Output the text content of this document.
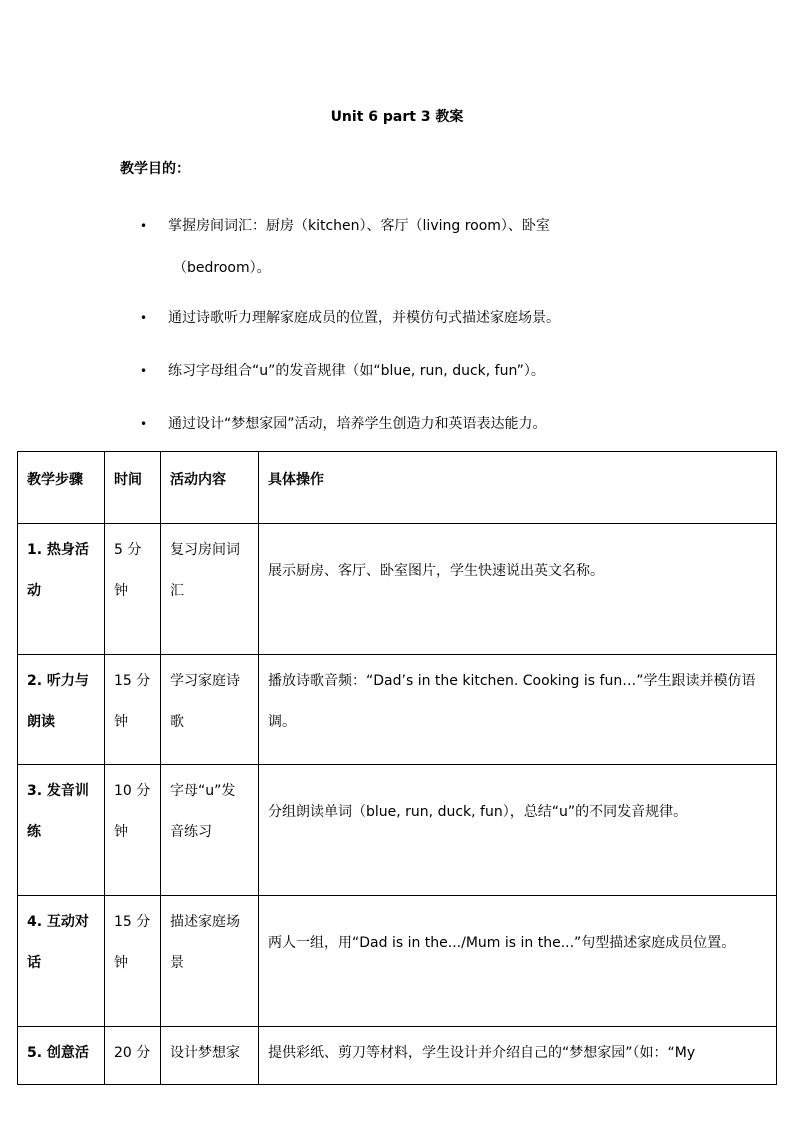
Unit 6 part 3 教案
教学目的：
• 掌握房间词汇：厨房（kitchen）、客厅（living room）、卧室
（bedroom）。
• 通过诗歌听力理解家庭成员的位置，并模仿句式描述家庭场景。
• 练习字母组合“u”的发音规律（如“blue, run, duck, fun”）。
• 通过设计“梦想家园”活动，培养学生创造力和英语表达能力。
教学步骤	时间	活动内容	具体操作
1. 热身活动	5 分钟	复习房间词汇	展示厨房、客厅、卧室图片，学生快速说出英文名称。
2. 听力与朗读	15 分钟	学习家庭诗歌	播放诗歌音频：“Dad’s in the kitchen. Cooking is fun…”学生跟读并模仿语调。
3. 发音训练	10 分钟	字母“u”发音练习	分组朗读单词（blue, run, duck, fun），总结“u”的不同发音规律。
4. 互动对话	15 分钟	描述家庭场景	两人一组，用“Dad is in the.../Mum is in the...”句型描述家庭成员位置。
5. 创意活	20 分	设计梦想家	提供彩纸、剪刀等材料，学生设计并介绍自己的“梦想家园”（如：“My
